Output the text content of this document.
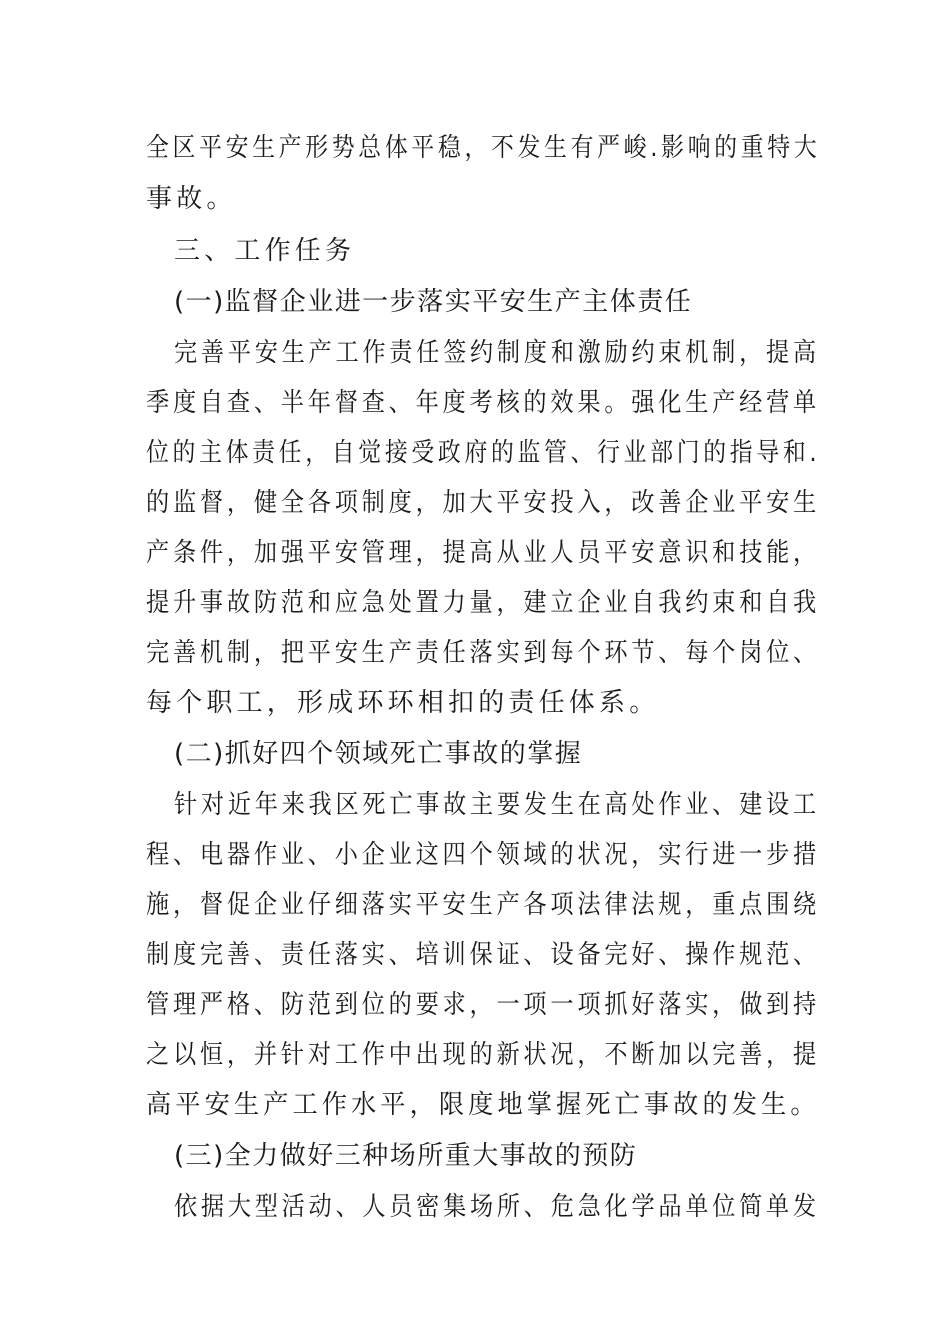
全区平安生产形势总体平稳，不发生有严峻.影响的重特大
事故。
三、工作任务
(一)监督企业进一步落实平安生产主体责任
完善平安生产工作责任签约制度和激励约束机制，提高
季度自查、半年督查、年度考核的效果。强化生产经营单
位的主体责任，自觉接受政府的监管、行业部门的指导和.
的监督，健全各项制度，加大平安投入，改善企业平安生
产条件，加强平安管理，提高从业人员平安意识和技能，
提升事故防范和应急处置力量，建立企业自我约束和自我
完善机制，把平安生产责任落实到每个环节、每个岗位、
每个职工，形成环环相扣的责任体系。
(二)抓好四个领域死亡事故的掌握
针对近年来我区死亡事故主要发生在高处作业、建设工
程、电器作业、小企业这四个领域的状况，实行进一步措
施，督促企业仔细落实平安生产各项法律法规，重点围绕
制度完善、责任落实、培训保证、设备完好、操作规范、
管理严格、防范到位的要求，一项一项抓好落实，做到持
之以恒，并针对工作中出现的新状况，不断加以完善，提
高平安生产工作水平，限度地掌握死亡事故的发生。
(三)全力做好三种场所重大事故的预防
依据大型活动、人员密集场所、危急化学品单位简单发
